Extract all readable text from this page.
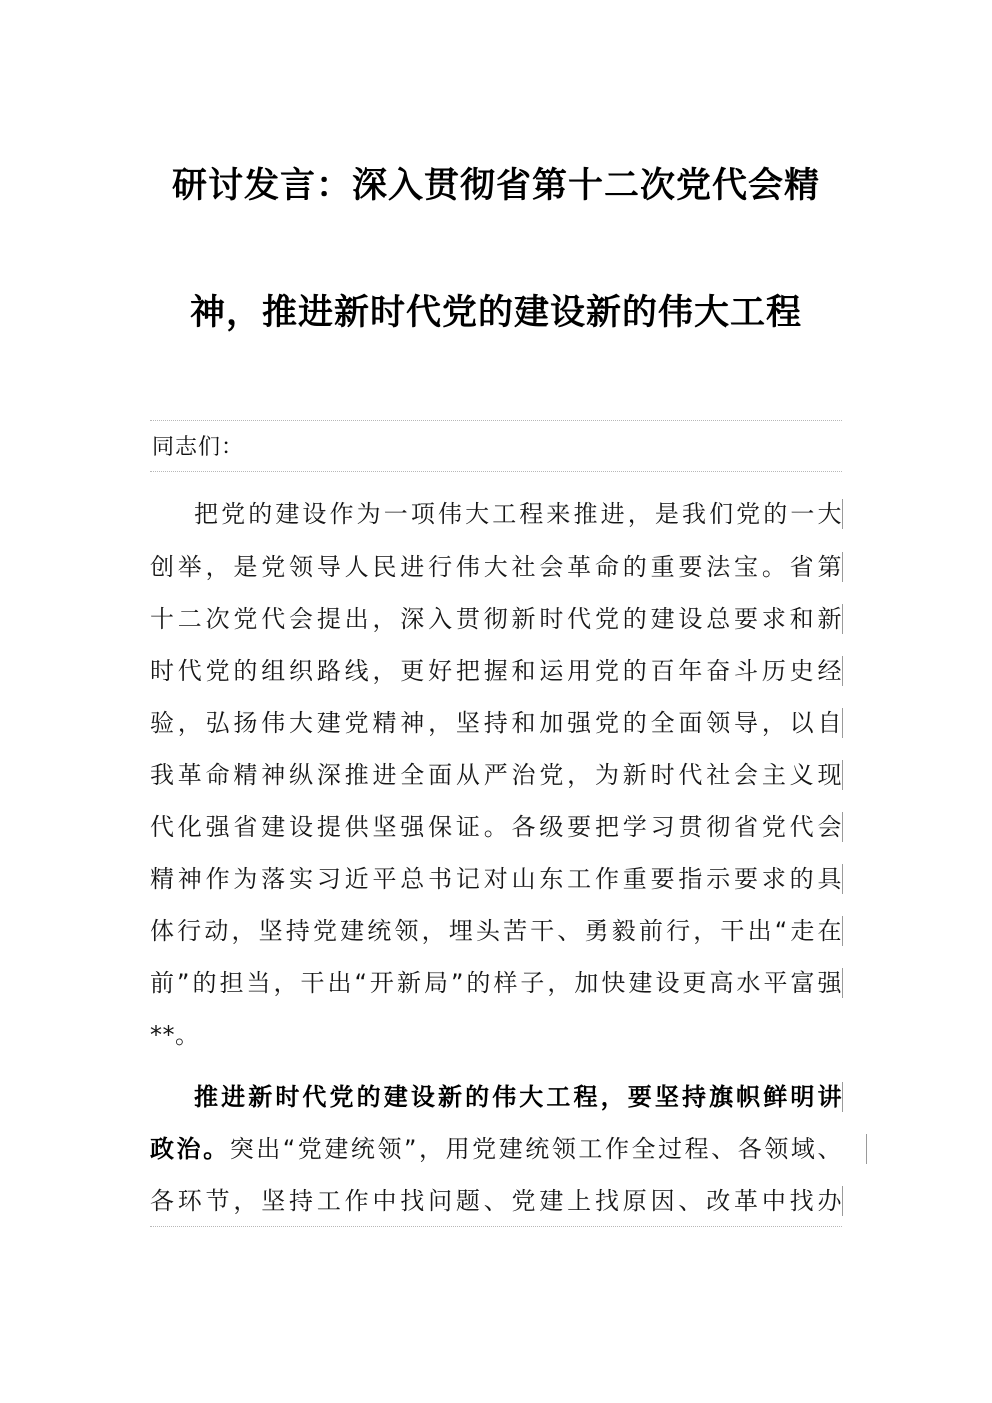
研讨发言：深入贯彻省第十二次党代会精
神，推进新时代党的建设新的伟大工程
同志们：
把党的建设作为一项伟大工程来推进，是我们党的一大
创举，是党领导人民进行伟大社会革命的重要法宝。省第
十二次党代会提出，深入贯彻新时代党的建设总要求和新
时代党的组织路线，更好把握和运用党的百年奋斗历史经
验，弘扬伟大建党精神，坚持和加强党的全面领导，以自
我革命精神纵深推进全面从严治党，为新时代社会主义现
代化强省建设提供坚强保证。各级要把学习贯彻省党代会
精神作为落实习近平总书记对山东工作重要指示要求的具
体行动，坚持党建统领，埋头苦干、勇毅前行，干出“走在
前”的担当，干出“开新局”的样子，加快建设更高水平富强
**。
推进新时代党的建设新的伟大工程，要坚持旗帜鲜明讲
政治。突出“党建统领”，用党建统领工作全过程、各领域、
各环节，坚持工作中找问题、党建上找原因、改革中找办
